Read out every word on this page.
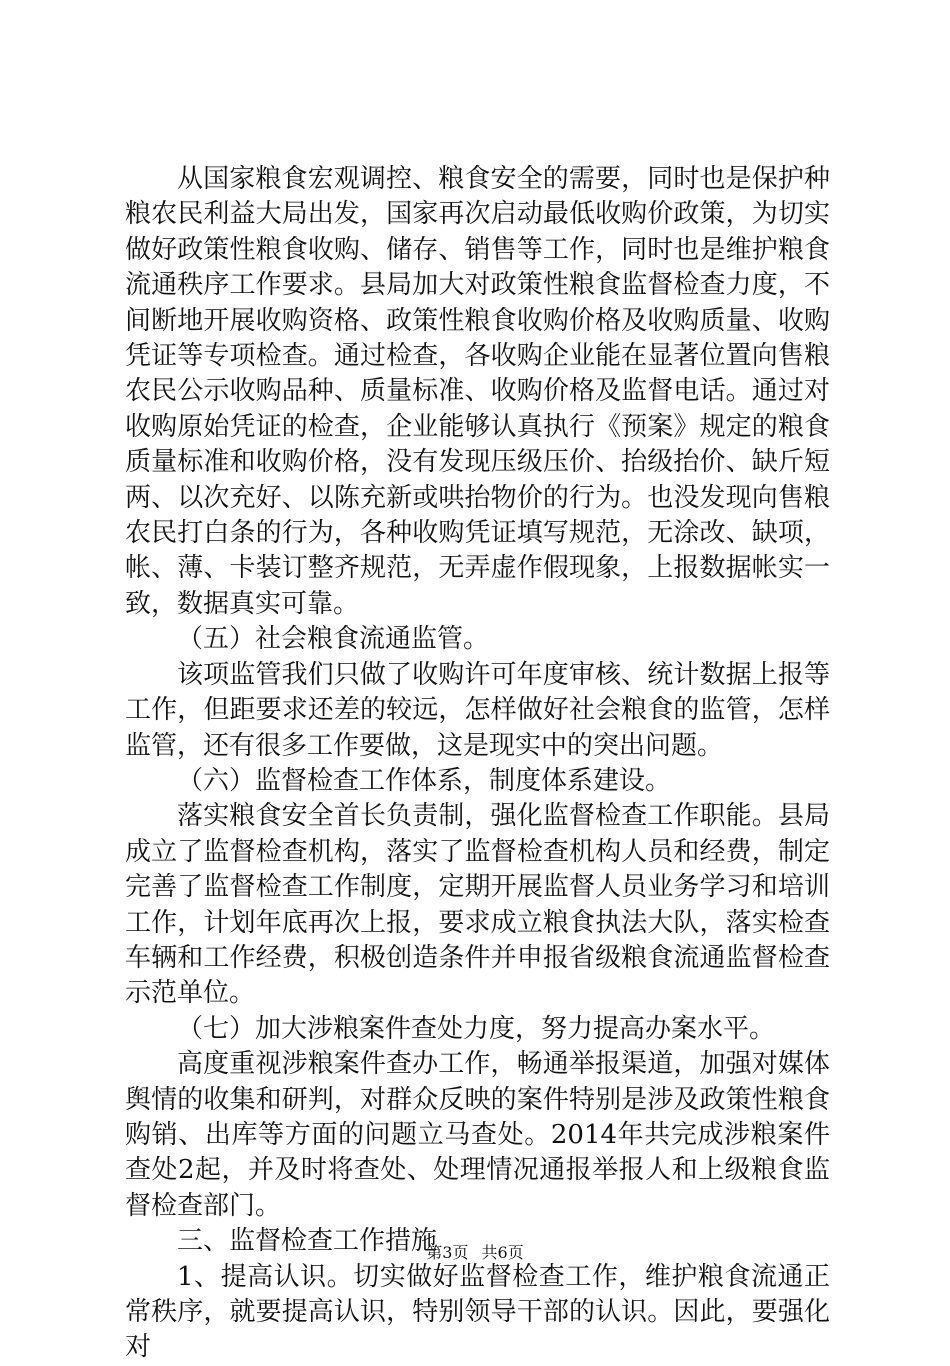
从国家粮食宏观调控、粮食安全的需要，同时也是保护种粮农民利益大局出发，国家再次启动最低收购价政策，为切实做好政策性粮食收购、储存、销售等工作，同时也是维护粮食流通秩序工作要求。县局加大对政策性粮食监督检查力度，不间断地开展收购资格、政策性粮食收购价格及收购质量、收购凭证等专项检查。通过检查，各收购企业能在显著位置向售粮农民公示收购品种、质量标准、收购价格及监督电话。通过对收购原始凭证的检查，企业能够认真执行《预案》规定的粮食质量标准和收购价格，没有发现压级压价、抬级抬价、缺斤短两、以次充好、以陈充新或哄抬物价的行为。也没发现向售粮农民打白条的行为，各种收购凭证填写规范，无涂改、缺项，帐、薄、卡装订整齐规范，无弄虚作假现象，上报数据帐实一致，数据真实可靠。

（五）社会粮食流通监管。

该项监管我们只做了收购许可年度审核、统计数据上报等工作，但距要求还差的较远，怎样做好社会粮食的监管，怎样监管，还有很多工作要做，这是现实中的突出问题。

（六）监督检查工作体系，制度体系建设。

落实粮食安全首长负责制，强化监督检查工作职能。县局成立了监督检查机构，落实了监督检查机构人员和经费，制定完善了监督检查工作制度，定期开展监督人员业务学习和培训工作，计划年底再次上报，要求成立粮食执法大队，落实检查车辆和工作经费，积极创造条件并申报省级粮食流通监督检查示范单位。

（七）加大涉粮案件查处力度，努力提高办案水平。

高度重视涉粮案件查办工作，畅通举报渠道，加强对媒体舆情的收集和研判，对群众反映的案件特别是涉及政策性粮食购销、出库等方面的问题立马查处。2014年共完成涉粮案件查处2起，并及时将查处、处理情况通报举报人和上级粮食监督检查部门。

三、监督检查工作措施

1、提高认识。切实做好监督检查工作，维护粮食流通正常秩序，就要提高认识，特别领导干部的认识。因此，要强化对

第3页 共6页
